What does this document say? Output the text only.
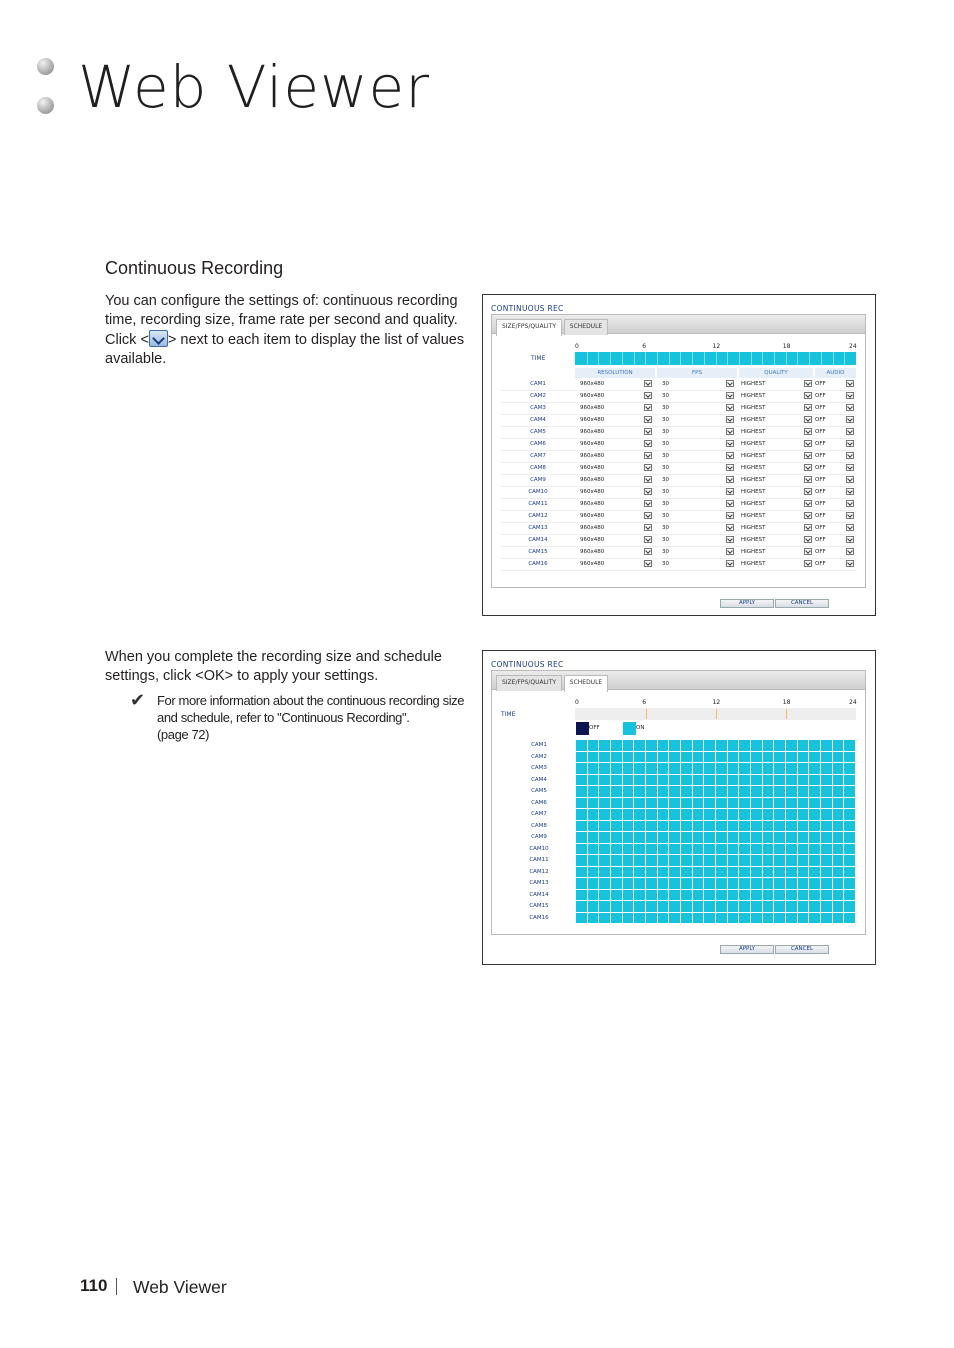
Web Viewer
Continuous Recording
You can configure the settings of: continuous recording time, recording size, frame rate per second and quality. Click < > next to each item to display the list of values available.
When you complete the recording size and schedule settings, click <OK> to apply your settings.
✔ For more information about the continuous recording size and schedule, refer to "Continuous Recording".
(page 72)
CONTINUOUS REC
SIZE/FPS/QUALITY	SCHEDULE
TIME
RESOLUTION	FPS	QUALITY	AUDIO
APPLY	CANCEL
0	6	12	18	24
CAM1	960x480	30	HIGHEST	OFF
CAM2	960x480	30	HIGHEST	OFF
CAM3	960x480	30	HIGHEST	OFF
CAM4	960x480	30	HIGHEST	OFF
CAM5	960x480	30	HIGHEST	OFF
CAM6	960x480	30	HIGHEST	OFF
CAM7	960x480	30	HIGHEST	OFF
CAM8	960x480	30	HIGHEST	OFF
CAM9	960x480	30	HIGHEST	OFF
CAM10	960x480	30	HIGHEST	OFF
CAM11	960x480	30	HIGHEST	OFF
CAM12	960x480	30	HIGHEST	OFF
CAM13	960x480	30	HIGHEST	OFF
CAM14	960x480	30	HIGHEST	OFF
CAM15	960x480	30	HIGHEST	OFF
CAM16	960x480	30	HIGHEST	OFF
CONTINUOUS REC
SIZE/FPS/QUALITY	SCHEDULE
TIME
OFF	ON
APPLY	CANCEL
0	6	12	18	24
CAM1
CAM2
CAM3
CAM4
CAM5
CAM6
CAM7
CAM8
CAM9
CAM10
CAM11
CAM12
CAM13
CAM14
CAM15
CAM16
110 Web Viewer
